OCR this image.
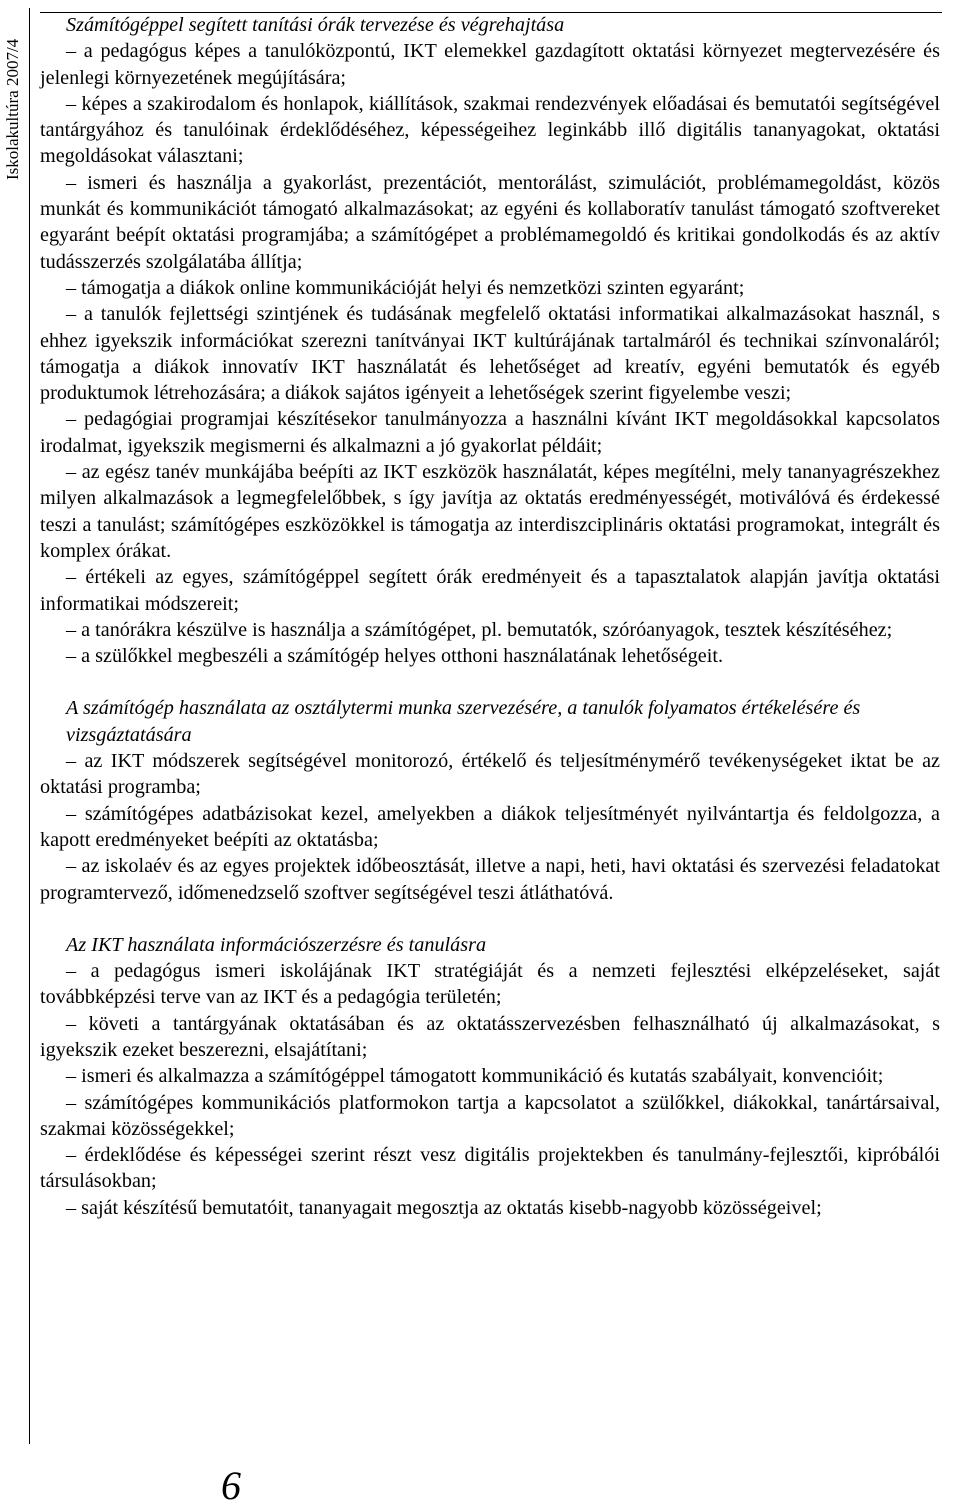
Iskolakultúra 2007/4

Számítógéppel segített tanítási órák tervezése és végrehajtása

– a pedagógus képes a tanulóközpontú, IKT elemekkel gazdagított oktatási környezet megtervezésére és jelenlegi környezetének megújítására;

– képes a szakirodalom és honlapok, kiállítások, szakmai rendezvények előadásai és bemutatói segítségével tantárgyához és tanulóinak érdeklődéséhez, képességeihez leginkább illő digitális tananyagokat, oktatási megoldásokat választani;

– ismeri és használja a gyakorlást, prezentációt, mentorálást, szimulációt, problémamegoldást, közös munkát és kommunikációt támogató alkalmazásokat; az egyéni és kollaboratív tanulást támogató szoftvereket egyaránt beépít oktatási programjába; a számítógépet a problémamegoldó és kritikai gondolkodás és az aktív tudásszerzés szolgálatába állítja;

– támogatja a diákok online kommunikációját helyi és nemzetközi szinten egyaránt;

– a tanulók fejlettségi szintjének és tudásának megfelelő oktatási informatikai alkalmazásokat használ, s ehhez igyekszik információkat szerezni tanítványai IKT kultúrájának tartalmáról és technikai színvonaláról; támogatja a diákok innovatív IKT használatát és lehetőséget ad kreatív, egyéni bemutatók és egyéb produktumok létrehozására; a diákok sajátos igényeit a lehetőségek szerint figyelembe veszi;

– pedagógiai programjai készítésekor tanulmányozza a használni kívánt IKT megoldásokkal kapcsolatos irodalmat, igyekszik megismerni és alkalmazni a jó gyakorlat példáit;

– az egész tanév munkájába beépíti az IKT eszközök használatát, képes megítélni, mely tananyagrészekhez milyen alkalmazások a legmegfelelőbbek, s így javítja az oktatás eredményességét, motiválóvá és érdekessé teszi a tanulást; számítógépes eszközökkel is támogatja az interdiszciplináris oktatási programokat, integrált és komplex órákat.

– értékeli az egyes, számítógéppel segített órák eredményeit és a tapasztalatok alapján javítja oktatási informatikai módszereit;

– a tanórákra készülve is használja a számítógépet, pl. bemutatók, szóróanyagok, tesztek készítéséhez;

– a szülőkkel megbeszéli a számítógép helyes otthoni használatának lehetőségeit.

A számítógép használata az osztálytermi munka szervezésére, a tanulók folyamatos értékelésére és vizsgáztatására

– az IKT módszerek segítségével monitorozó, értékelő és teljesítménymérő tevékenységeket iktat be az oktatási programba;

– számítógépes adatbázisokat kezel, amelyekben a diákok teljesítményét nyilvántartja és feldolgozza, a kapott eredményeket beépíti az oktatásba;

– az iskolaév és az egyes projektek időbeosztását, illetve a napi, heti, havi oktatási és szervezési feladatokat programtervező, időmenedzselő szoftver segítségével teszi átláthatóvá.

Az IKT használata információszerzésre és tanulásra

– a pedagógus ismeri iskolájának IKT stratégiáját és a nemzeti fejlesztési elképzeléseket, saját továbbképzési terve van az IKT és a pedagógia területén;

– követi a tantárgyának oktatásában és az oktatásszervezésben felhasználható új alkalmazásokat, s igyekszik ezeket beszerezni, elsajátítani;

– ismeri és alkalmazza a számítógéppel támogatott kommunikáció és kutatás szabályait, konvencióit;

– számítógépes kommunikációs platformokon tartja a kapcsolatot a szülőkkel, diákokkal, tanártársaival, szakmai közösségekkel;

– érdeklődése és képességei szerint részt vesz digitális projektekben és tanulmány-fejlesztői, kipróbálói társulásokban;

– saját készítésű bemutatóit, tananyagait megosztja az oktatás kisebb-nagyobb közösségeivel;

6
